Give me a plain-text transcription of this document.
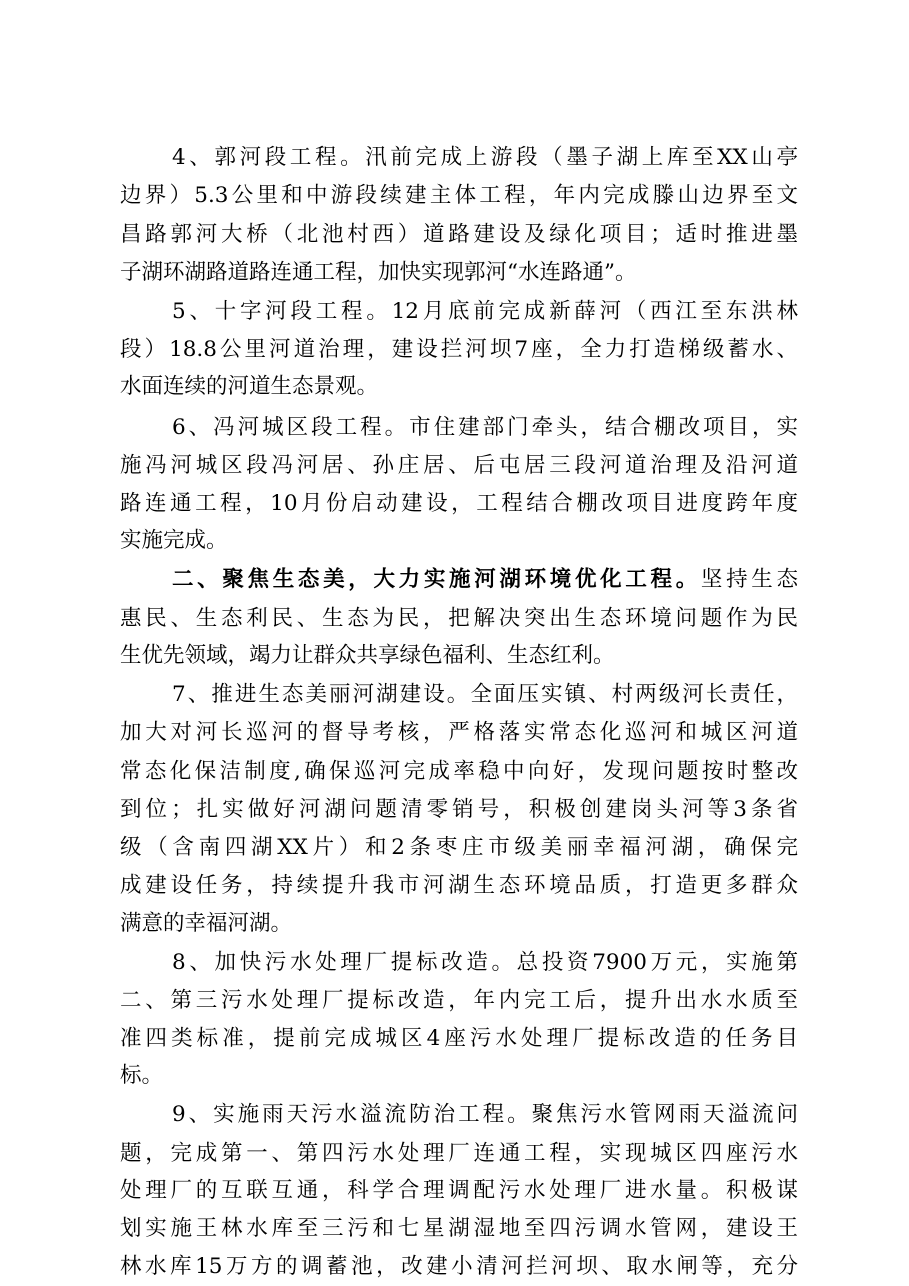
4、郭河段工程。汛前完成上游段（墨子湖上库至XX山亭
边界）5.3公里和中游段续建主体工程，年内完成滕山边界至文
昌路郭河大桥（北池村西）道路建设及绿化项目；适时推进墨
子湖环湖路道路连通工程，加快实现郭河“水连路通”。
5、十字河段工程。12月底前完成新薛河（西江至东洪林
段）18.8公里河道治理，建设拦河坝7座，全力打造梯级蓄水、
水面连续的河道生态景观。
6、冯河城区段工程。市住建部门牵头，结合棚改项目，实
施冯河城区段冯河居、孙庄居、后屯居三段河道治理及沿河道
路连通工程，10月份启动建设，工程结合棚改项目进度跨年度
实施完成。
二、聚焦生态美，大力实施河湖环境优化工程。坚持生态
惠民、生态利民、生态为民，把解决突出生态环境问题作为民
生优先领域，竭力让群众共享绿色福利、生态红利。
7、推进生态美丽河湖建设。全面压实镇、村两级河长责任，
加大对河长巡河的督导考核，严格落实常态化巡河和城区河道
常态化保洁制度,确保巡河完成率稳中向好，发现问题按时整改
到位；扎实做好河湖问题清零销号，积极创建岗头河等3条省
级（含南四湖XX片）和2条枣庄市级美丽幸福河湖，确保完
成建设任务，持续提升我市河湖生态环境品质，打造更多群众
满意的幸福河湖。
8、加快污水处理厂提标改造。总投资7900万元，实施第
二、第三污水处理厂提标改造，年内完工后，提升出水水质至
准四类标准，提前完成城区4座污水处理厂提标改造的任务目
标。
9、实施雨天污水溢流防治工程。聚焦污水管网雨天溢流问
题，完成第一、第四污水处理厂连通工程，实现城区四座污水
处理厂的互联互通，科学合理调配污水处理厂进水量。积极谋
划实施王林水库至三污和七星湖湿地至四污调水管网，建设王
林水库15万方的调蓄池，改建小清河拦河坝、取水闸等，充分
